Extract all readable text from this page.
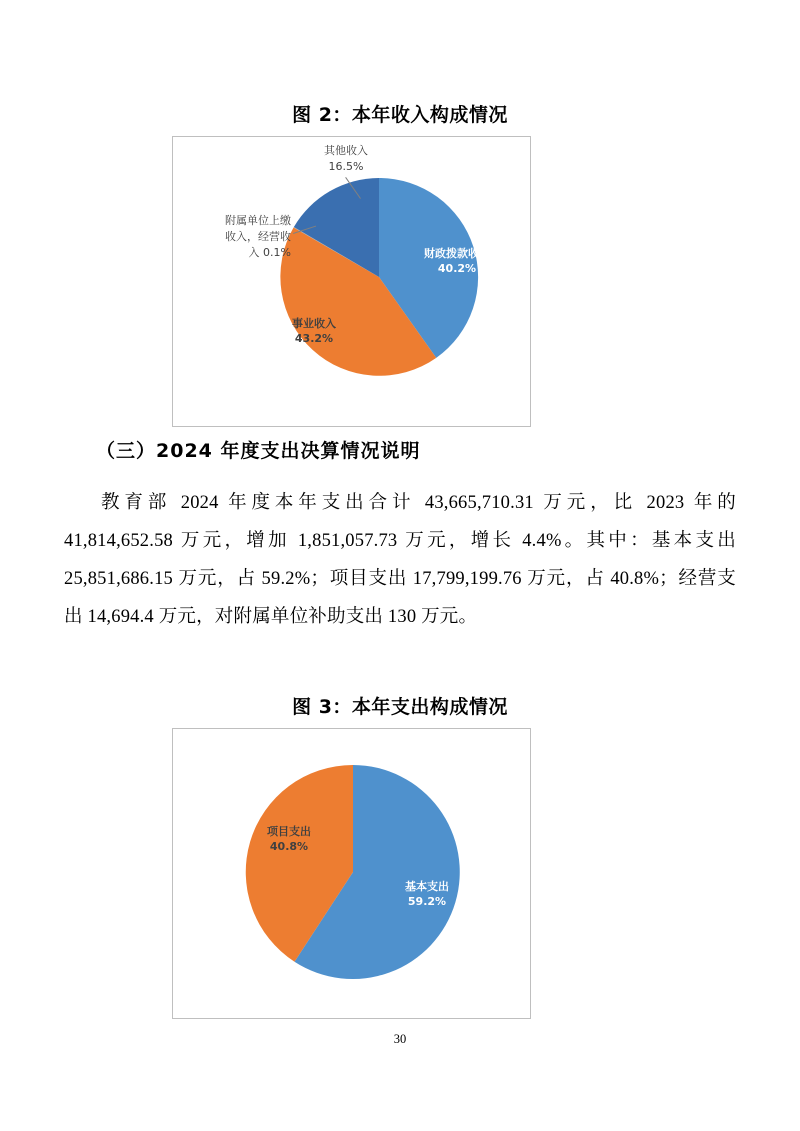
图 2：本年收入构成情况
财政拨款收入
40.2%
事业收入
43.2%
其他收入
16.5%
附属单位上缴
收入，经营收
入 0.1%
（三）2024 年度支出决算情况说明
教育部 2024 年度本年支出合计 43,665,710.31 万元，比 2023 年的 41,814,652.58 万元，增加 1,851,057.73 万元，增长 4.4%。其中：基本支出 25,851,686.15 万元，占 59.2%；项目支出 17,799,199.76 万元，占 40.8%；经营支出 14,694.4 万元，对附属单位补助支出 130 万元。
图 3：本年支出构成情况
基本支出
59.2%
项目支出
40.8%
30
